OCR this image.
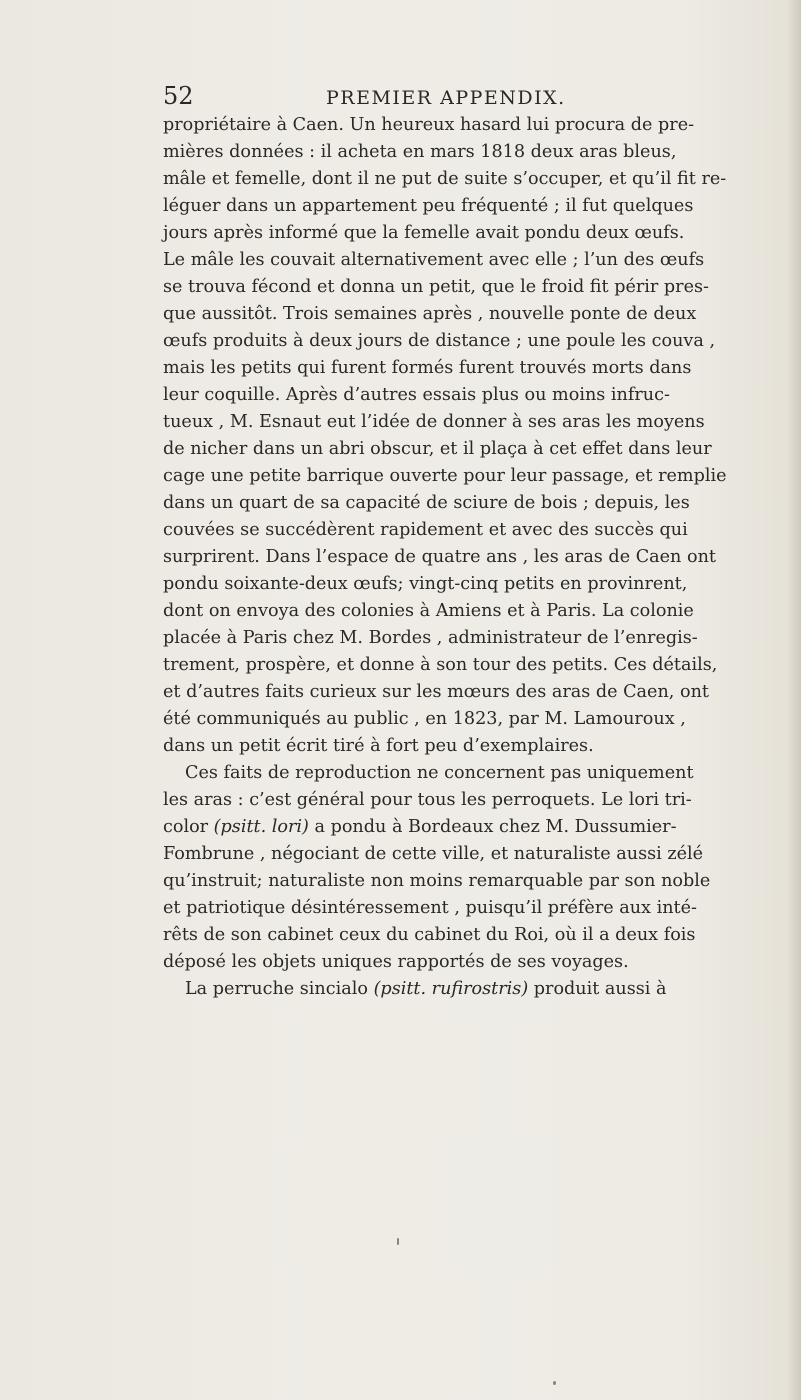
52	PREMIER APPENDIX.
propriétaire à Caen. Un heureux hasard lui procura de pre-
mières données : il acheta en mars 1818 deux aras bleus,
mâle et femelle, dont il ne put de suite s’occuper, et qu’il fit re-
léguer dans un appartement peu fréquenté ; il fut quelques
jours après informé que la femelle avait pondu deux œufs.
Le mâle les couvait alternativement avec elle ; l’un des œufs
se trouva fécond et donna un petit, que le froid fit périr pres-
que aussitôt. Trois semaines après , nouvelle ponte de deux
œufs produits à deux jours de distance ; une poule les couva ,
mais les petits qui furent formés furent trouvés morts dans
leur coquille. Après d’autres essais plus ou moins infruc-
tueux , M. Esnaut eut l’idée de donner à ses aras les moyens
de nicher dans un abri obscur, et il plaça à cet effet dans leur
cage une petite barrique ouverte pour leur passage, et remplie
dans un quart de sa capacité de sciure de bois ; depuis, les
couvées se succédèrent rapidement et avec des succès qui
surprirent. Dans l’espace de quatre ans , les aras de Caen ont
pondu soixante-deux œufs; vingt-cinq petits en provinrent,
dont on envoya des colonies à Amiens et à Paris. La colonie
placée à Paris chez M. Bordes , administrateur de l’enregis-
trement, prospère, et donne à son tour des petits. Ces détails,
et d’autres faits curieux sur les mœurs des aras de Caen, ont
été communiqués au public , en 1823, par M. Lamouroux ,
dans un petit écrit tiré à fort peu d’exemplaires.
Ces faits de reproduction ne concernent pas uniquement
les aras : c’est général pour tous les perroquets. Le lori tri-
color (psitt. lori) a pondu à Bordeaux chez M. Dussumier-
Fombrune , négociant de cette ville, et naturaliste aussi zélé
qu’instruit; naturaliste non moins remarquable par son noble
et patriotique désintéressement , puisqu’il préfère aux inté-
rêts de son cabinet ceux du cabinet du Roi, où il a deux fois
déposé les objets uniques rapportés de ses voyages.
La perruche sincialo (psitt. rufirostris) produit aussi à
